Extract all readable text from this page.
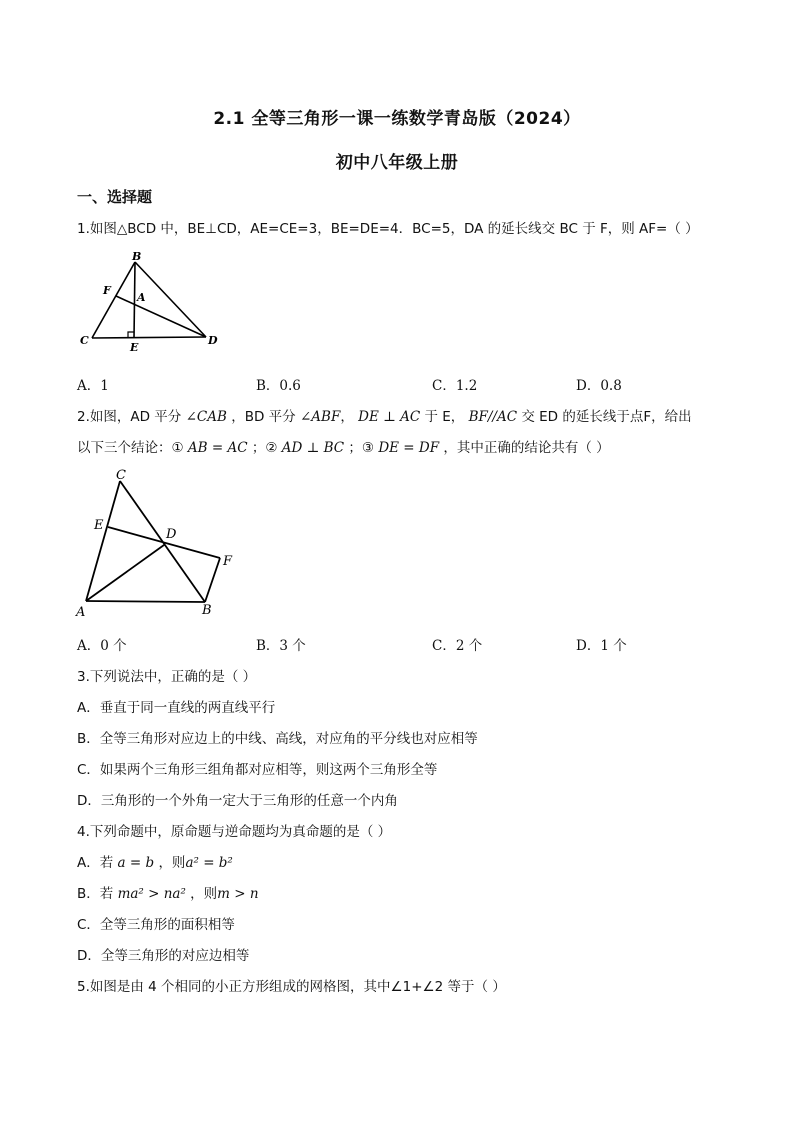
2.1 全等三角形一课一练数学青岛版（2024）
初中八年级上册
一、选择题
1.如图△BCD 中，BE⊥CD，AE=CE=3，BE=DE=4．BC=5，DA 的延长线交 BC 于 F，则 AF=（ ）
B
F
A
C
E
D
A．1	B．0.6	C．1.2	D．0.8
2.如图，AD 平分 ∠CAB ，BD 平分 ∠ABF， DE ⊥ AC 于 E， BF//AC 交 ED 的延长线于点F，给出
以下三个结论：① AB = AC ；② AD ⊥ BC ；③ DE = DF ，其中正确的结论共有（ ）
C
E
D
F
A	B
A．0 个	B．3 个	C．2 个	D．1 个
3.下列说法中，正确的是（ ）
A．垂直于同一直线的两直线平行
B．全等三角形对应边上的中线、高线，对应角的平分线也对应相等
C．如果两个三角形三组角都对应相等，则这两个三角形全等
D．三角形的一个外角一定大于三角形的任意一个内角
4.下列命题中，原命题与逆命题均为真命题的是（ ）
A．若 a = b ，则a² = b²
B．若 ma² > na² ，则m > n
C．全等三角形的面积相等
D．全等三角形的对应边相等
5.如图是由 4 个相同的小正方形组成的网格图，其中∠1+∠2 等于（ ）
